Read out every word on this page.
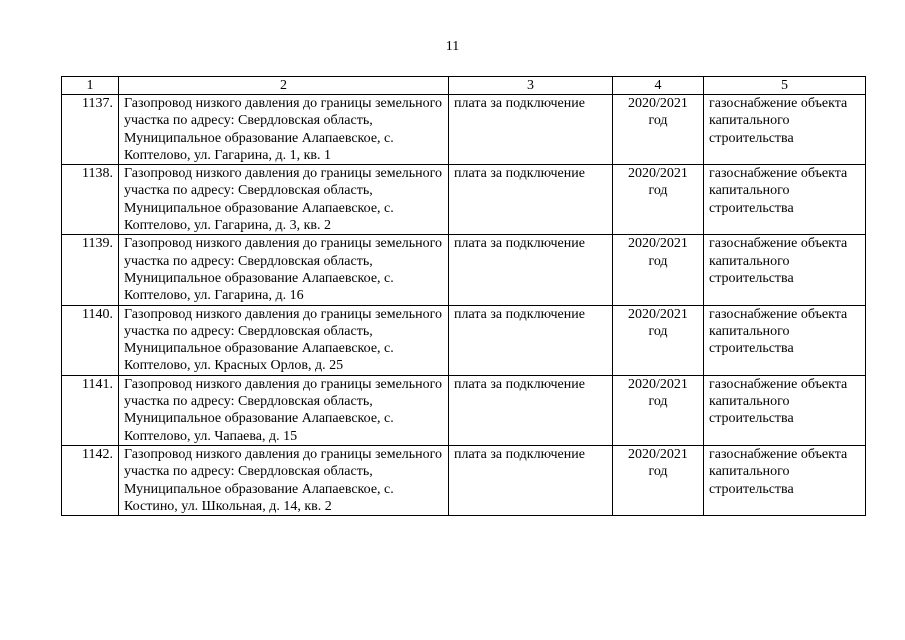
11
1	2	3	4	5
1137.	Газопровод низкого давления до границы земельного участка по адресу: Свердловская область, Муниципальное образование Алапаевское, с. Коптелово, ул. Гагарина, д. 1, кв. 1	плата за подключение	2020/2021 год	газоснабжение объекта капитального строительства
1138.	Газопровод низкого давления до границы земельного участка по адресу: Свердловская область, Муниципальное образование Алапаевское, с. Коптелово, ул. Гагарина, д. 3, кв. 2	плата за подключение	2020/2021 год	газоснабжение объекта капитального строительства
1139.	Газопровод низкого давления до границы земельного участка по адресу: Свердловская область, Муниципальное образование Алапаевское, с. Коптелово, ул. Гагарина, д. 16	плата за подключение	2020/2021 год	газоснабжение объекта капитального строительства
1140.	Газопровод низкого давления до границы земельного участка по адресу: Свердловская область, Муниципальное образование Алапаевское, с. Коптелово, ул. Красных Орлов, д. 25	плата за подключение	2020/2021 год	газоснабжение объекта капитального строительства
1141.	Газопровод низкого давления до границы земельного участка по адресу: Свердловская область, Муниципальное образование Алапаевское, с. Коптелово, ул. Чапаева, д. 15	плата за подключение	2020/2021 год	газоснабжение объекта капитального строительства
1142.	Газопровод низкого давления до границы земельного участка по адресу: Свердловская область, Муниципальное образование Алапаевское, с. Костино, ул. Школьная, д. 14, кв. 2	плата за подключение	2020/2021 год	газоснабжение объекта капитального строительства
